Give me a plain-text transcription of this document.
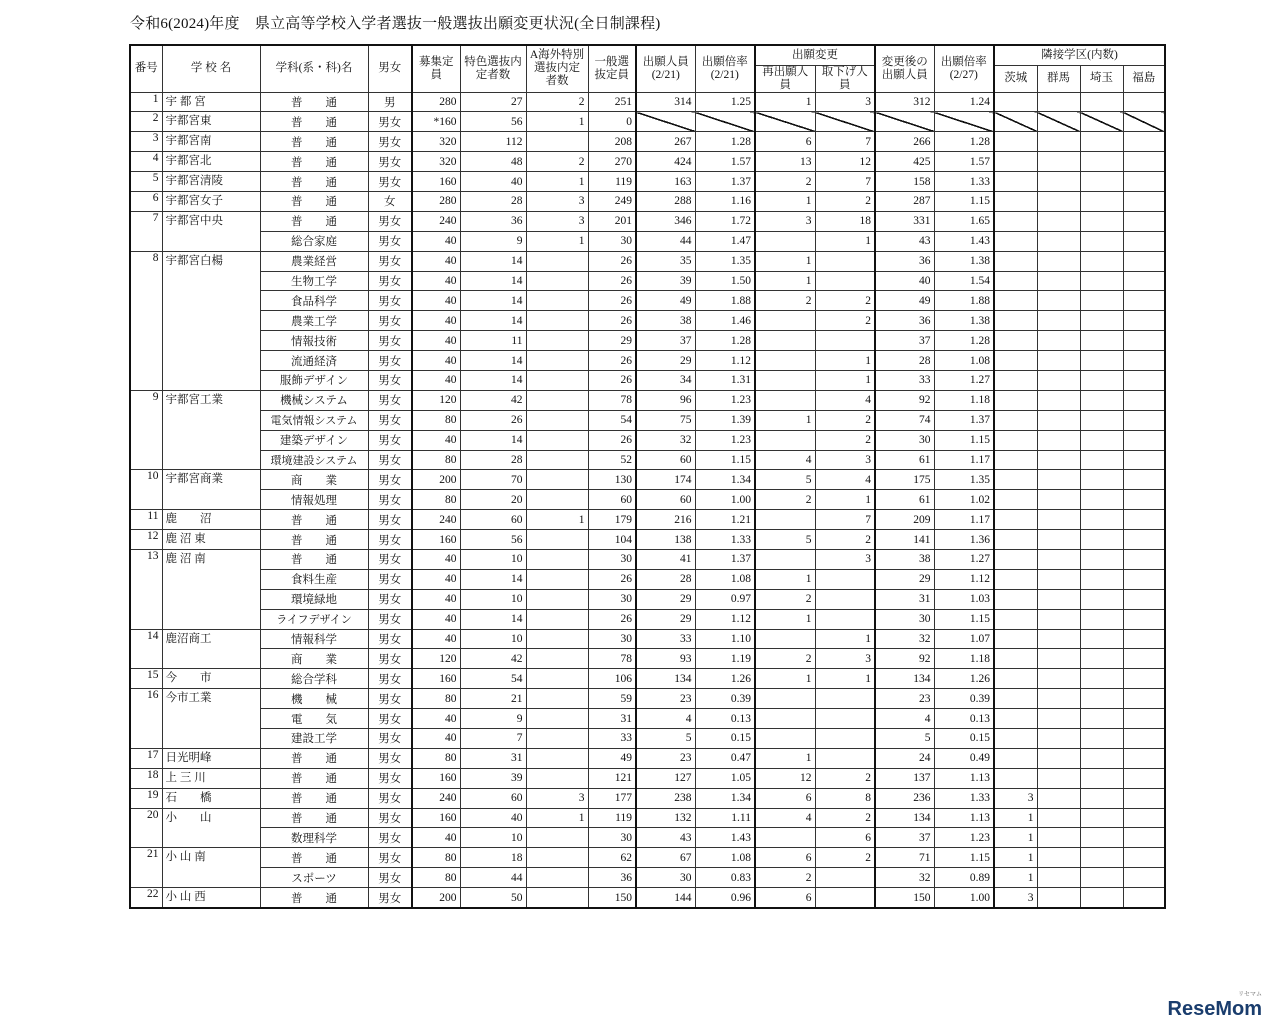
令和6(2024)年度　県立高等学校入学者選抜一般選抜出願変更状況(全日制課程)
番号	学 校 名	学科(系・科)名	男女	募集定員	特色選抜内定者数	A海外特別選抜内定者数	一般選抜定員	出願人員(2/21)	出願倍率(2/21)	出願変更		変更後の出願人員	出願倍率(2/27)	隣接学区(内数)			
										再出願人員	取下げ人員						
														茨城	群馬	埼玉	福島
1	宇 都 宮	普　　通	男	280	27	2	251	314	1.25	1	3	312	1.24				
2	宇都宮東	普　　通	男女	*160	56	1	0										
3	宇都宮南	普　　通	男女	320	112		208	267	1.28	6	7	266	1.28				
4	宇都宮北	普　　通	男女	320	48	2	270	424	1.57	13	12	425	1.57				
5	宇都宮清陵	普　　通	男女	160	40	1	119	163	1.37	2	7	158	1.33				
6	宇都宮女子	普　　通	女	280	28	3	249	288	1.16	1	2	287	1.15				
7	宇都宮中央	普　　通	男女	240	36	3	201	346	1.72	3	18	331	1.65				
		総合家庭	男女	40	9	1	30	44	1.47		1	43	1.43				
8	宇都宮白楊	農業経営	男女	40	14		26	35	1.35	1		36	1.38				
		生物工学	男女	40	14		26	39	1.50	1		40	1.54				
		食品科学	男女	40	14		26	49	1.88	2	2	49	1.88				
		農業工学	男女	40	14		26	38	1.46		2	36	1.38				
		情報技術	男女	40	11		29	37	1.28			37	1.28				
		流通経済	男女	40	14		26	29	1.12		1	28	1.08				
		服飾デザイン	男女	40	14		26	34	1.31		1	33	1.27				
9	宇都宮工業	機械システム	男女	120	42		78	96	1.23		4	92	1.18				
		電気情報システム	男女	80	26		54	75	1.39	1	2	74	1.37				
		建築デザイン	男女	40	14		26	32	1.23		2	30	1.15				
		環境建設システム	男女	80	28		52	60	1.15	4	3	61	1.17				
10	宇都宮商業	商　　業	男女	200	70		130	174	1.34	5	4	175	1.35				
		情報処理	男女	80	20		60	60	1.00	2	1	61	1.02				
11	鹿　　沼	普　　通	男女	240	60	1	179	216	1.21		7	209	1.17				
12	鹿 沼 東	普　　通	男女	160	56		104	138	1.33	5	2	141	1.36				
13	鹿 沼 南	普　　通	男女	40	10		30	41	1.37		3	38	1.27				
		食料生産	男女	40	14		26	28	1.08	1		29	1.12				
		環境緑地	男女	40	10		30	29	0.97	2		31	1.03				
		ライフデザイン	男女	40	14		26	29	1.12	1		30	1.15				
14	鹿沼商工	情報科学	男女	40	10		30	33	1.10		1	32	1.07				
		商　　業	男女	120	42		78	93	1.19	2	3	92	1.18				
15	今　　市	総合学科	男女	160	54		106	134	1.26	1	1	134	1.26				
16	今市工業	機　　械	男女	80	21		59	23	0.39			23	0.39				
		電　　気	男女	40	9		31	4	0.13			4	0.13				
		建設工学	男女	40	7		33	5	0.15			5	0.15				
17	日光明峰	普　　通	男女	80	31		49	23	0.47	1		24	0.49				
18	上 三 川	普　　通	男女	160	39		121	127	1.05	12	2	137	1.13				
19	石　　橋	普　　通	男女	240	60	3	177	238	1.34	6	8	236	1.33	3			
20	小　　山	普　　通	男女	160	40	1	119	132	1.11	4	2	134	1.13	1			
		数理科学	男女	40	10		30	43	1.43		6	37	1.23	1			
21	小 山 南	普　　通	男女	80	18		62	67	1.08	6	2	71	1.15	1			
		スポーツ	男女	80	44		36	30	0.83	2		32	0.89	1			
22	小 山 西	普　　通	男女	200	50		150	144	0.96	6		150	1.00	3			
リセマム
ReseMom
